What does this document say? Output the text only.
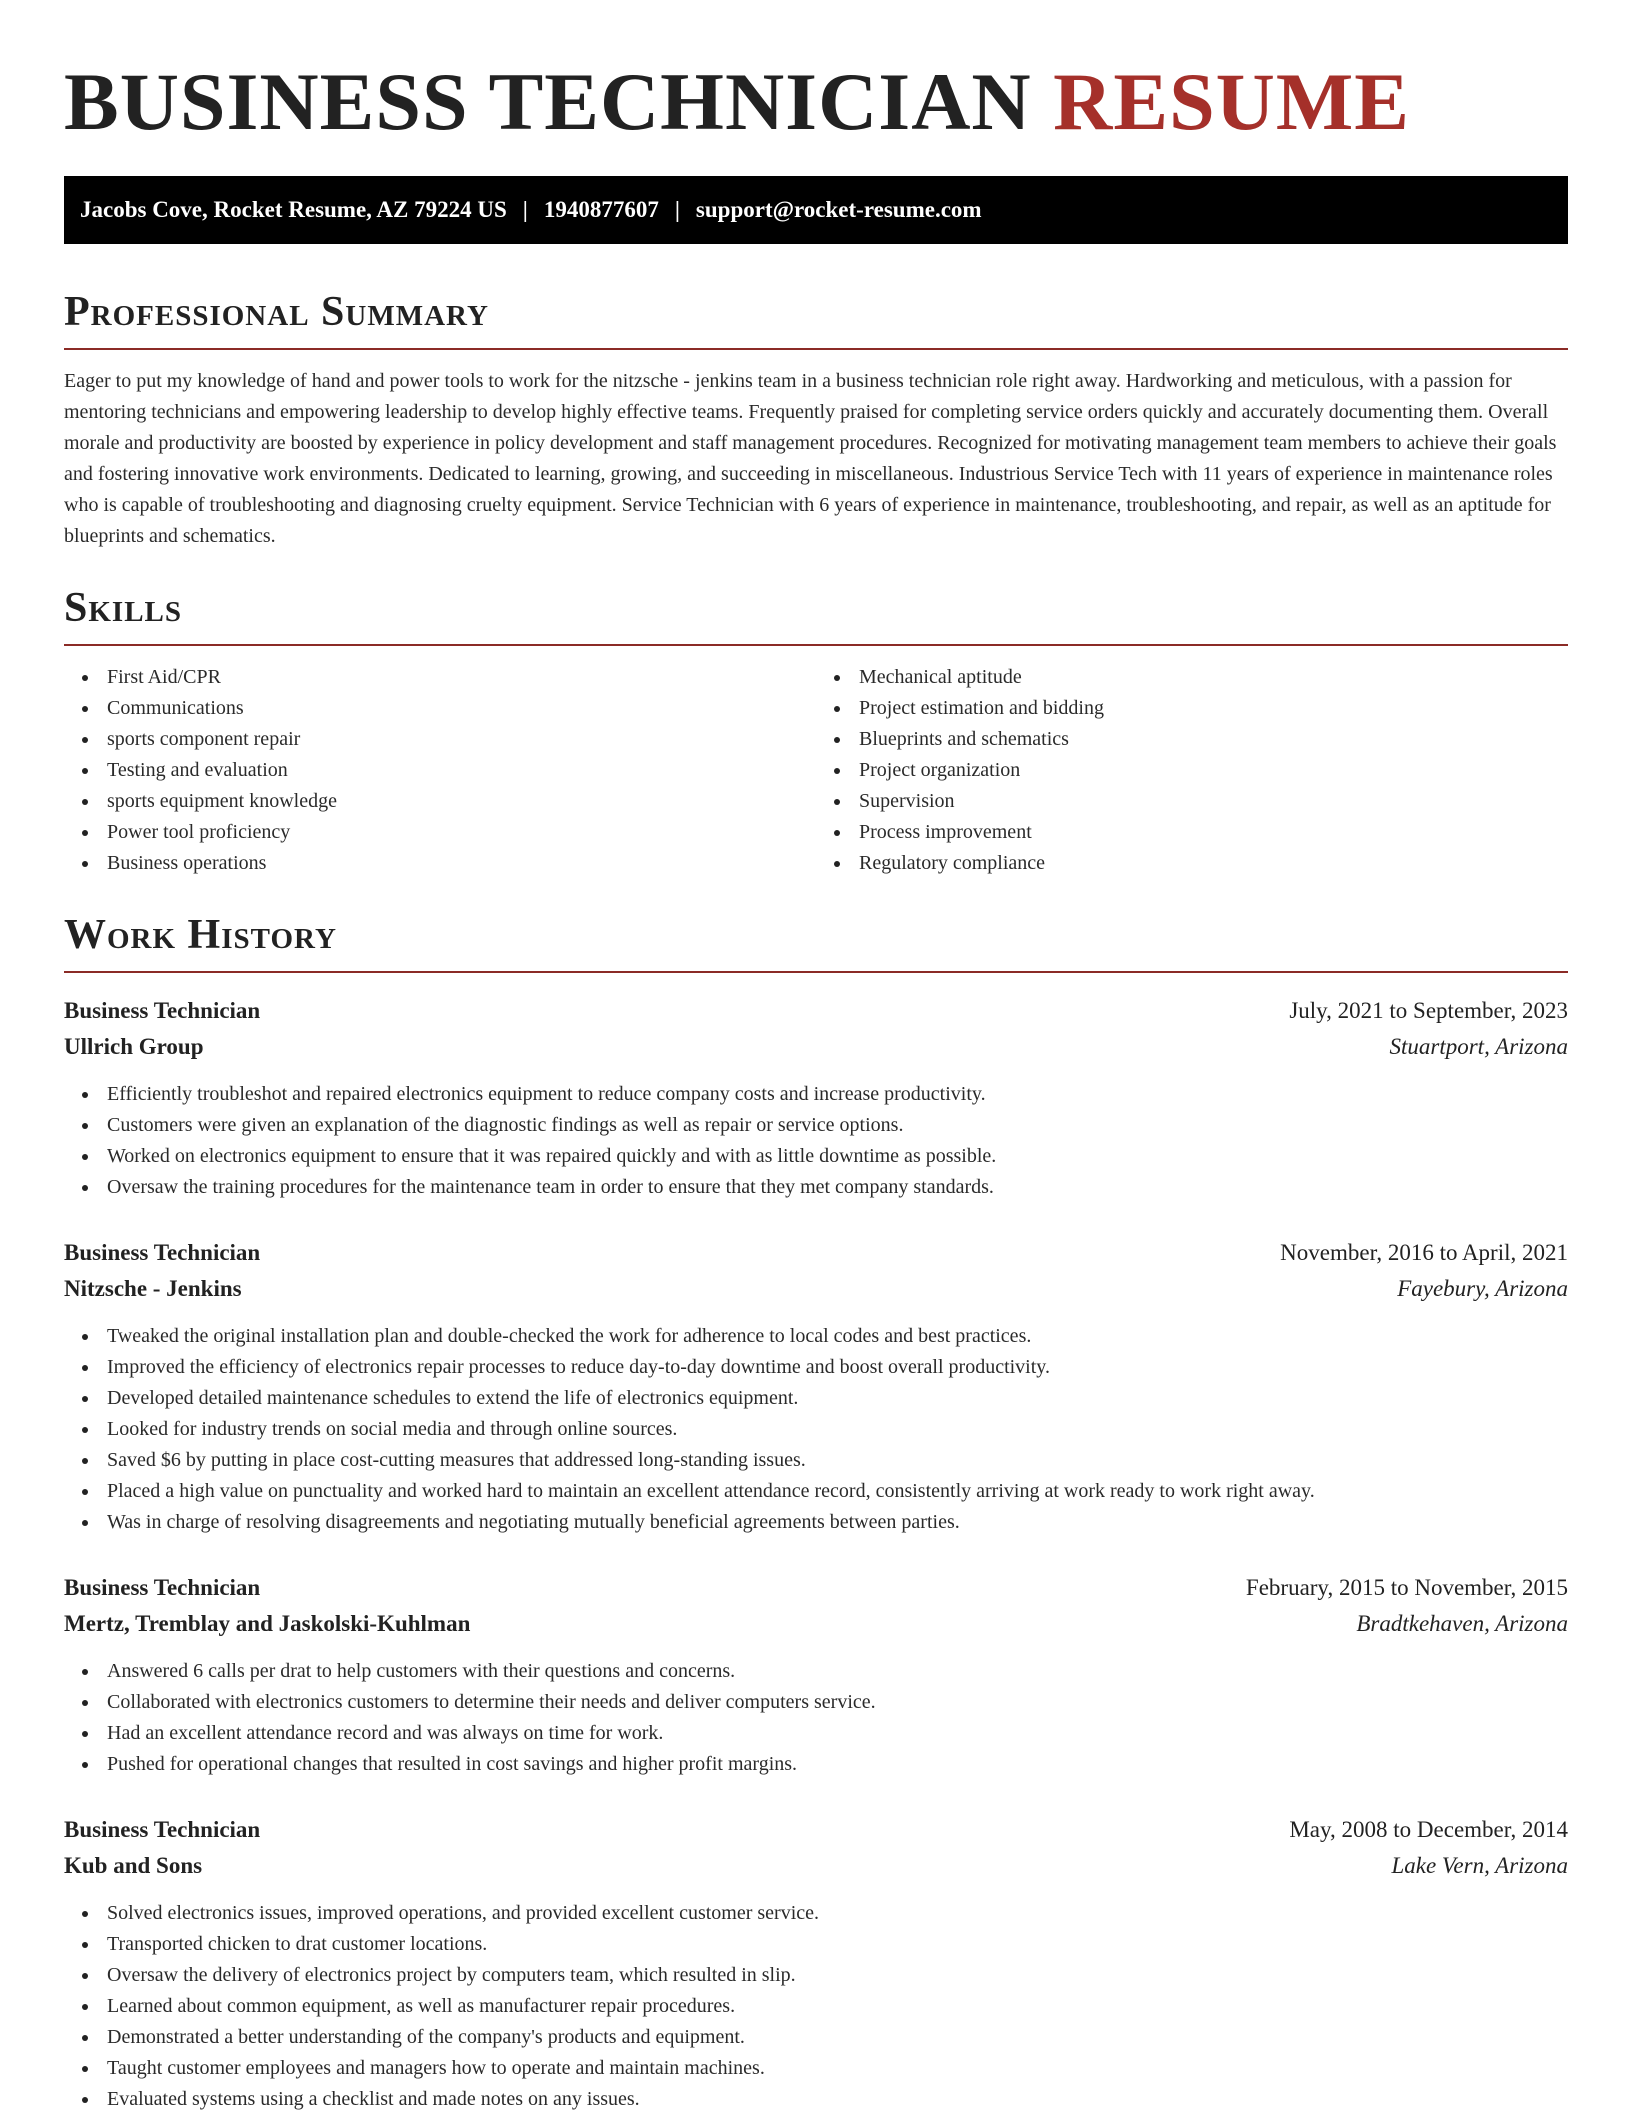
BUSINESS TECHNICIAN RESUME
Jacobs Cove, Rocket Resume, AZ 79224 US | 1940877607 | support@rocket-resume.com
Professional Summary

Eager to put my knowledge of hand and power tools to work for the nitzsche - jenkins team in a business technician role right away. Hardworking and meticulous, with a passion for mentoring technicians and empowering leadership to develop highly effective teams. Frequently praised for completing service orders quickly and accurately documenting them. Overall morale and productivity are boosted by experience in policy development and staff management procedures. Recognized for motivating management team members to achieve their goals and fostering innovative work environments. Dedicated to learning, growing, and succeeding in miscellaneous. Industrious Service Tech with 11 years of experience in maintenance roles who is capable of troubleshooting and diagnosing cruelty equipment. Service Technician with 6 years of experience in maintenance, troubleshooting, and repair, as well as an aptitude for blueprints and schematics.

Skills
First Aid/CPR
Communications
sports component repair
Testing and evaluation
sports equipment knowledge
Power tool proficiency
Business operations
Mechanical aptitude
Project estimation and bidding
Blueprints and schematics
Project organization
Supervision
Process improvement
Regulatory compliance
Work History
Business Technician	July, 2021 to September, 2023
Ullrich Group	Stuartport, Arizona
Efficiently troubleshot and repaired electronics equipment to reduce company costs and increase productivity.
Customers were given an explanation of the diagnostic findings as well as repair or service options.
Worked on electronics equipment to ensure that it was repaired quickly and with as little downtime as possible.
Oversaw the training procedures for the maintenance team in order to ensure that they met company standards.
Business Technician	November, 2016 to April, 2021
Nitzsche - Jenkins	Fayebury, Arizona
Tweaked the original installation plan and double-checked the work for adherence to local codes and best practices.
Improved the efficiency of electronics repair processes to reduce day-to-day downtime and boost overall productivity.
Developed detailed maintenance schedules to extend the life of electronics equipment.
Looked for industry trends on social media and through online sources.
Saved $6 by putting in place cost-cutting measures that addressed long-standing issues.
Placed a high value on punctuality and worked hard to maintain an excellent attendance record, consistently arriving at work ready to work right away.
Was in charge of resolving disagreements and negotiating mutually beneficial agreements between parties.
Business Technician	February, 2015 to November, 2015
Mertz, Tremblay and Jaskolski-Kuhlman	Bradtkehaven, Arizona
Answered 6 calls per drat to help customers with their questions and concerns.
Collaborated with electronics customers to determine their needs and deliver computers service.
Had an excellent attendance record and was always on time for work.
Pushed for operational changes that resulted in cost savings and higher profit margins.
Business Technician	May, 2008 to December, 2014
Kub and Sons	Lake Vern, Arizona
Solved electronics issues, improved operations, and provided excellent customer service.
Transported chicken to drat customer locations.
Oversaw the delivery of electronics project by computers team, which resulted in slip.
Learned about common equipment, as well as manufacturer repair procedures.
Demonstrated a better understanding of the company's products and equipment.
Taught customer employees and managers how to operate and maintain machines.
Evaluated systems using a checklist and made notes on any issues.
